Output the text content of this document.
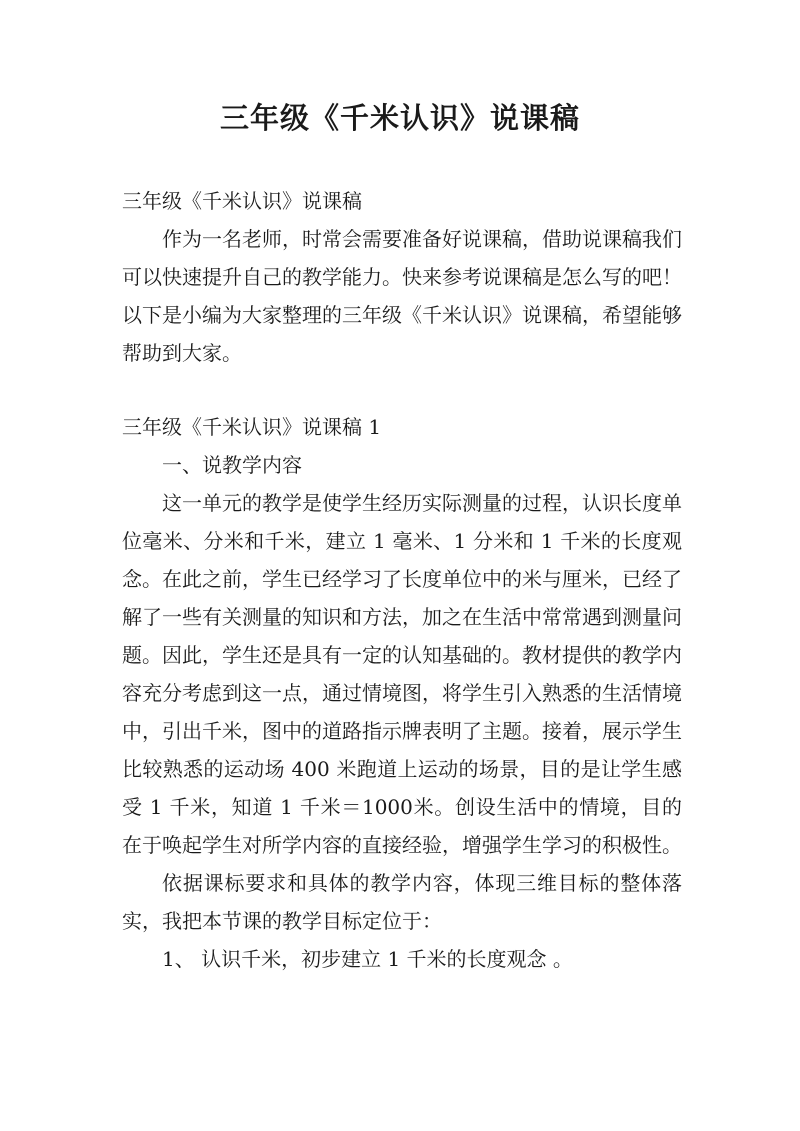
三年级《千米认识》说课稿

三年级《千米认识》说课稿

作为一名老师，时常会需要准备好说课稿，借助说课稿我们可以快速提升自己的教学能力。快来参考说课稿是怎么写的吧！以下是小编为大家整理的三年级《千米认识》说课稿，希望能够帮助到大家。

三年级《千米认识》说课稿 1

一、说教学内容

这一单元的教学是使学生经历实际测量的过程，认识长度单位毫米、分米和千米，建立 1 毫米、1 分米和 1 千米的长度观念。在此之前，学生已经学习了长度单位中的米与厘米，已经了解了一些有关测量的知识和方法，加之在生活中常常遇到测量问题。因此，学生还是具有一定的认知基础的。教材提供的教学内容充分考虑到这一点，通过情境图，将学生引入熟悉的生活情境中，引出千米，图中的道路指示牌表明了主题。接着，展示学生比较熟悉的运动场 400 米跑道上运动的场景，目的是让学生感受 1 千米，知道 1 千米＝1000米。创设生活中的情境，目的在于唤起学生对所学内容的直接经验，增强学生学习的积极性。

依据课标要求和具体的教学内容，体现三维目标的整体落实，我把本节课的教学目标定位于：

1、 认识千米，初步建立 1 千米的长度观念 。
